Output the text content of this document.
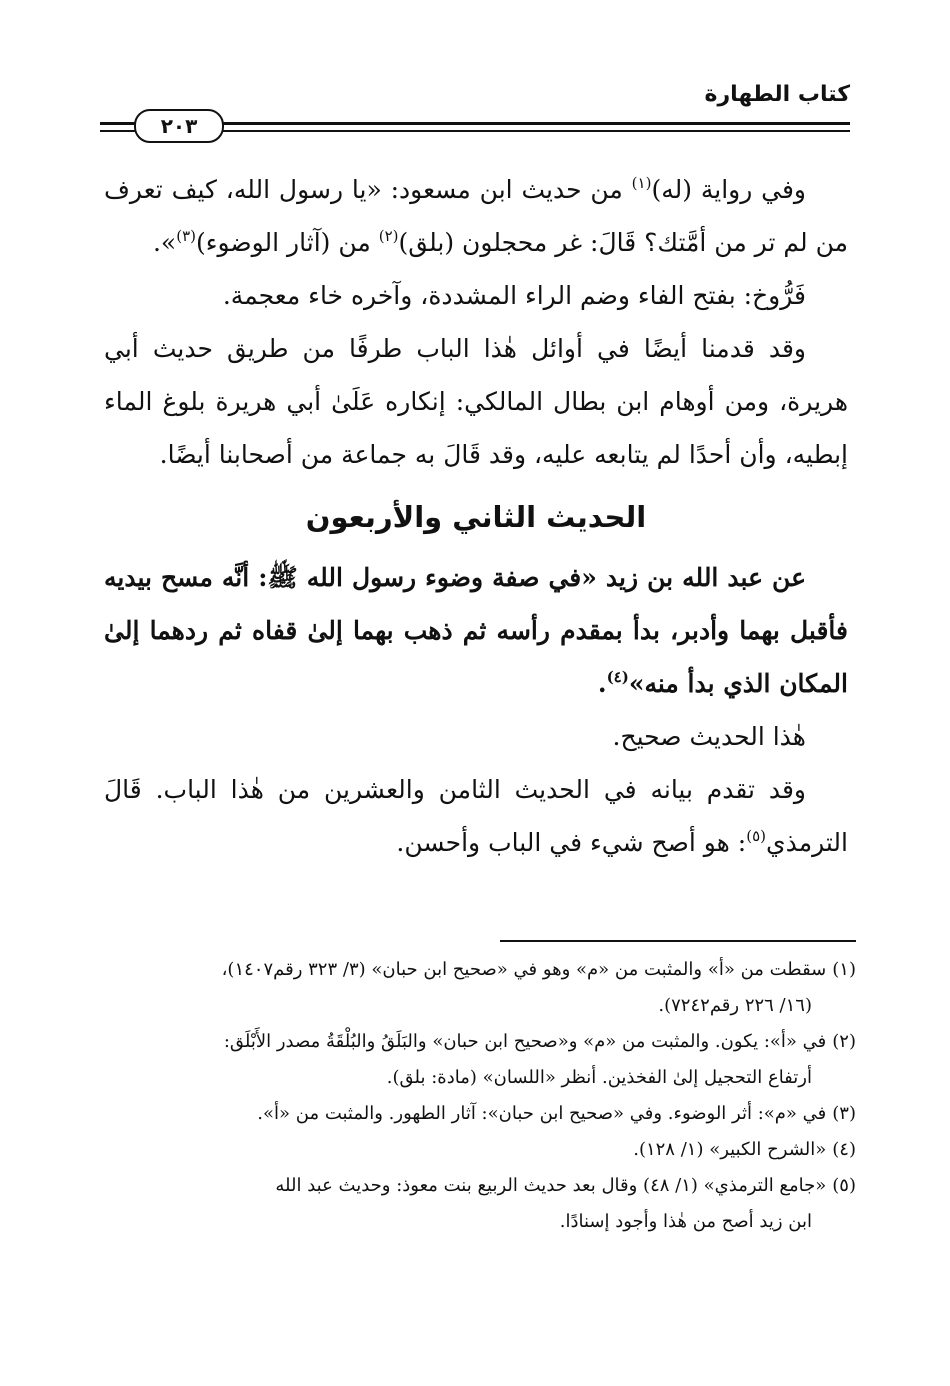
كتاب الطهارة
٢٠٣

وفي رواية (له)$^{(١)}$ من حديث ابن مسعود: «يا رسول الله، كيف تعرف من لم تر من أمَّتك؟ قَالَ: غر محجلون (بلق)$^{(٢)}$ من (آثار الوضوء)$^{(٣)}$».

فَرُّوخ: بفتح الفاء وضم الراء المشددة، وآخره خاء معجمة.

وقد قدمنا أيضًا في أوائل هٰذا الباب طرفًا من طريق حديث أبي هريرة، ومن أوهام ابن بطال المالكي: إنكاره عَلَىٰ أبي هريرة بلوغ الماء إبطيه، وأن أحدًا لم يتابعه عليه، وقد قَالَ به جماعة من أصحابنا أيضًا.

الحديث الثاني والأربعون

عن عبد الله بن زيد «في صفة وضوء رسول الله ﷺ: أنَّه مسح بيديه فأقبل بهما وأدبر، بدأ بمقدم رأسه ثم ذهب بهما إلىٰ قفاه ثم ردهما إلىٰ المكان الذي بدأ منه»$^{(٤)}$.

هٰذا الحديث صحيح.

وقد تقدم بيانه في الحديث الثامن والعشرين من هٰذا الباب. قَالَ الترمذي$^{(٥)}$: هو أصح شيء في الباب وأحسن.

(١)سقطت من «أ» والمثبت من «م» وهو في «صحيح ابن حبان» (٣/ ٣٢٣ رقم١٤٠٧)،
(١٦/ ٢٢٦ رقم٧٢٤٢).

(٢)في «أ»: يكون. والمثبت من «م» و«صحيح ابن حبان» والبَلَقُ والبُلْقَةُ مصدر الأَبْلَق:
أرتفاع التحجيل إلىٰ الفخذين. أنظر «اللسان» (مادة: بلق).

(٣)في «م»: أثر الوضوء. وفي «صحيح ابن حبان»: آثار الطهور. والمثبت من «أ».

(٤)«الشرح الكبير» (١/ ١٢٨).

(٥)«جامع الترمذي» (١/ ٤٨) وقال بعد حديث الربيع بنت معوذ: وحديث عبد الله
ابن زيد أصح من هٰذا وأجود إسنادًا.
